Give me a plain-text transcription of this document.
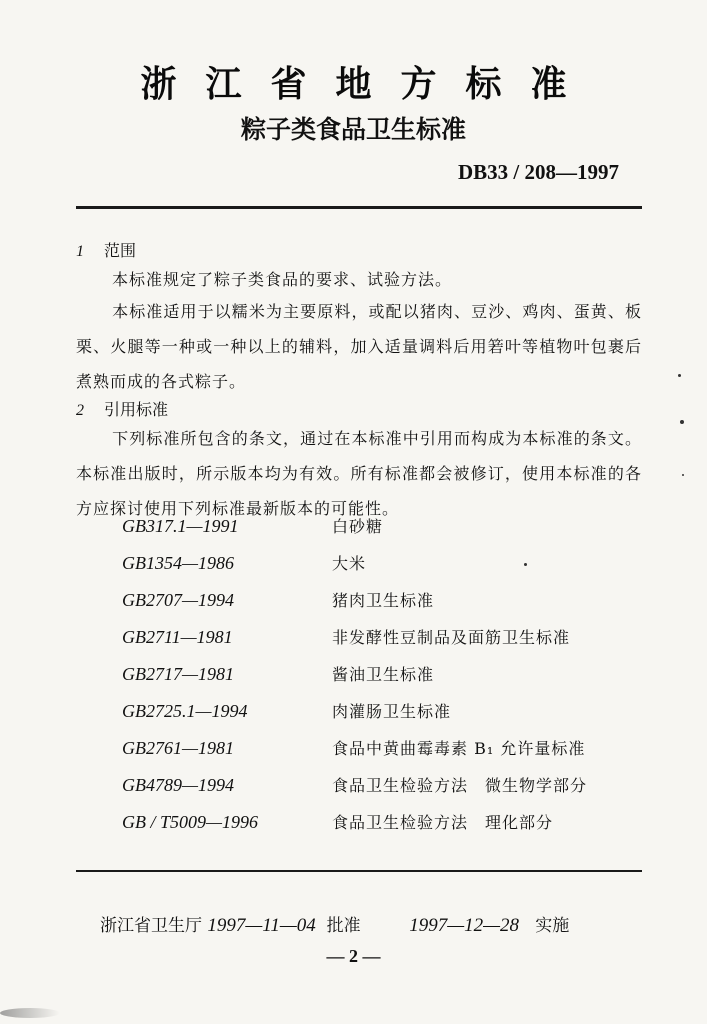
浙江省地方标准
粽子类食品卫生标准
DB33 / 208—1997
1 范围
本标准规定了粽子类食品的要求、试验方法。
本标准适用于以糯米为主要原料，或配以猪肉、豆沙、鸡肉、蛋黄、板栗、火腿等一种或一种以上的辅料，加入适量调料后用箬叶等植物叶包裹后煮熟而成的各式粽子。
2 引用标准
下列标准所包含的条文，通过在本标准中引用而构成为本标准的条文。本标准出版时，所示版本均为有效。所有标准都会被修订，使用本标准的各方应探讨使用下列标准最新版本的可能性。
GB317.1—1991	白砂糖
GB1354—1986	大米
GB2707—1994	猪肉卫生标准
GB2711—1981	非发酵性豆制品及面筋卫生标准
GB2717—1981	酱油卫生标准
GB2725.1—1994	肉灌肠卫生标准
GB2761—1981	食品中黄曲霉毒素 B₁ 允许量标准
GB4789—1994	食品卫生检验方法　微生物学部分
GB / T5009—1996	食品卫生检验方法　理化部分
浙江省卫生厅 1997—11—04 批准	1997—12—28 实施
— 2 —
